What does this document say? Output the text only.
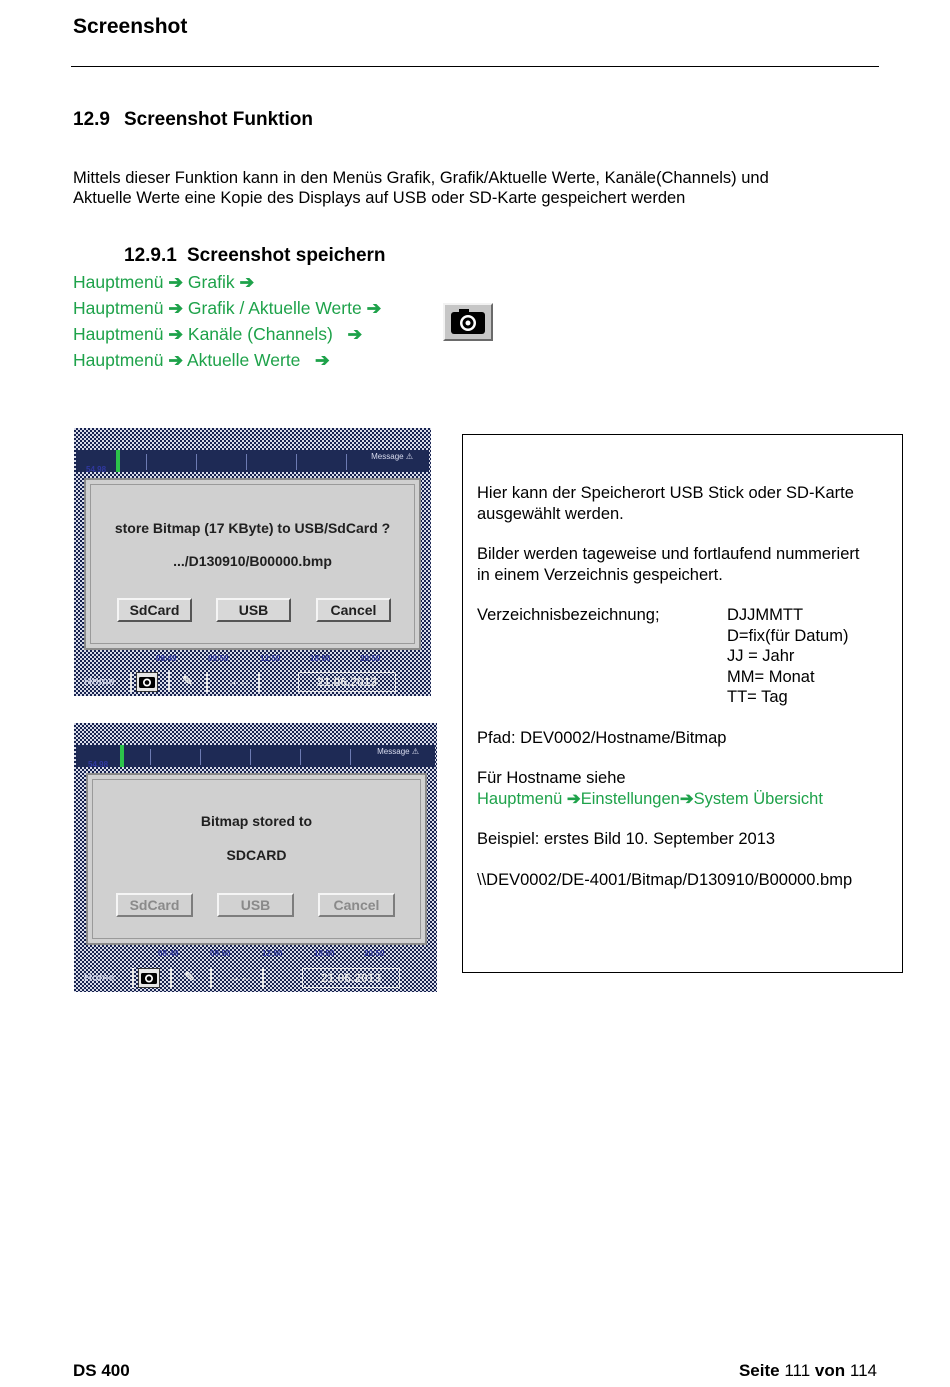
Screenshot
12.9 Screenshot Funktion
Mittels dieser Funktion kann in den Menüs Grafik, Grafik/Aktuelle Werte, Kanäle(Channels) und
Aktuelle Werte eine Kopie des Displays auf USB oder SD-Karte gespeichert werden
12.9.1 Screenshot speichern
Hauptmenü ➔ Grafik ➔
Hauptmenü ➔ Grafik / Aktuelle Werte ➔
Hauptmenü ➔ Kanäle (Channels) ➔
Hauptmenü ➔ Aktuelle Werte ➔
Message ⚠
54.98
store Bitmap (17 KByte) to USB/SdCard ?
.../D130910/B00000.bmp
SdCard	USB	Cancel
08:49	09:50	12:50	18:50	20:50
Home	✎	→←	21.06.2013
Message ⚠
54.98
Bitmap stored to
SDCARD
SdCard	USB	Cancel
08:49	09:50	12:50	18:50	20:50
Home	✎	→←	21.06.2013
Hier kann der Speicherort USB Stick oder SD-Karte
ausgewählt werden.
Bilder werden tageweise und fortlaufend nummeriert
in einem Verzeichnis gespeichert.
Verzeichnisbezeichnung;	DJJMMTT
D=fix(für Datum)
JJ = Jahr
MM= Monat
TT= Tag
Pfad: DEV0002/Hostname/Bitmap
Für Hostname siehe
Hauptmenü ➔Einstellungen➔System Übersicht
Beispiel: erstes Bild 10. September 2013
\\DEV0002/DE-4001/Bitmap/D130910/B00000.bmp
DS 400	Seite 111 von 114
